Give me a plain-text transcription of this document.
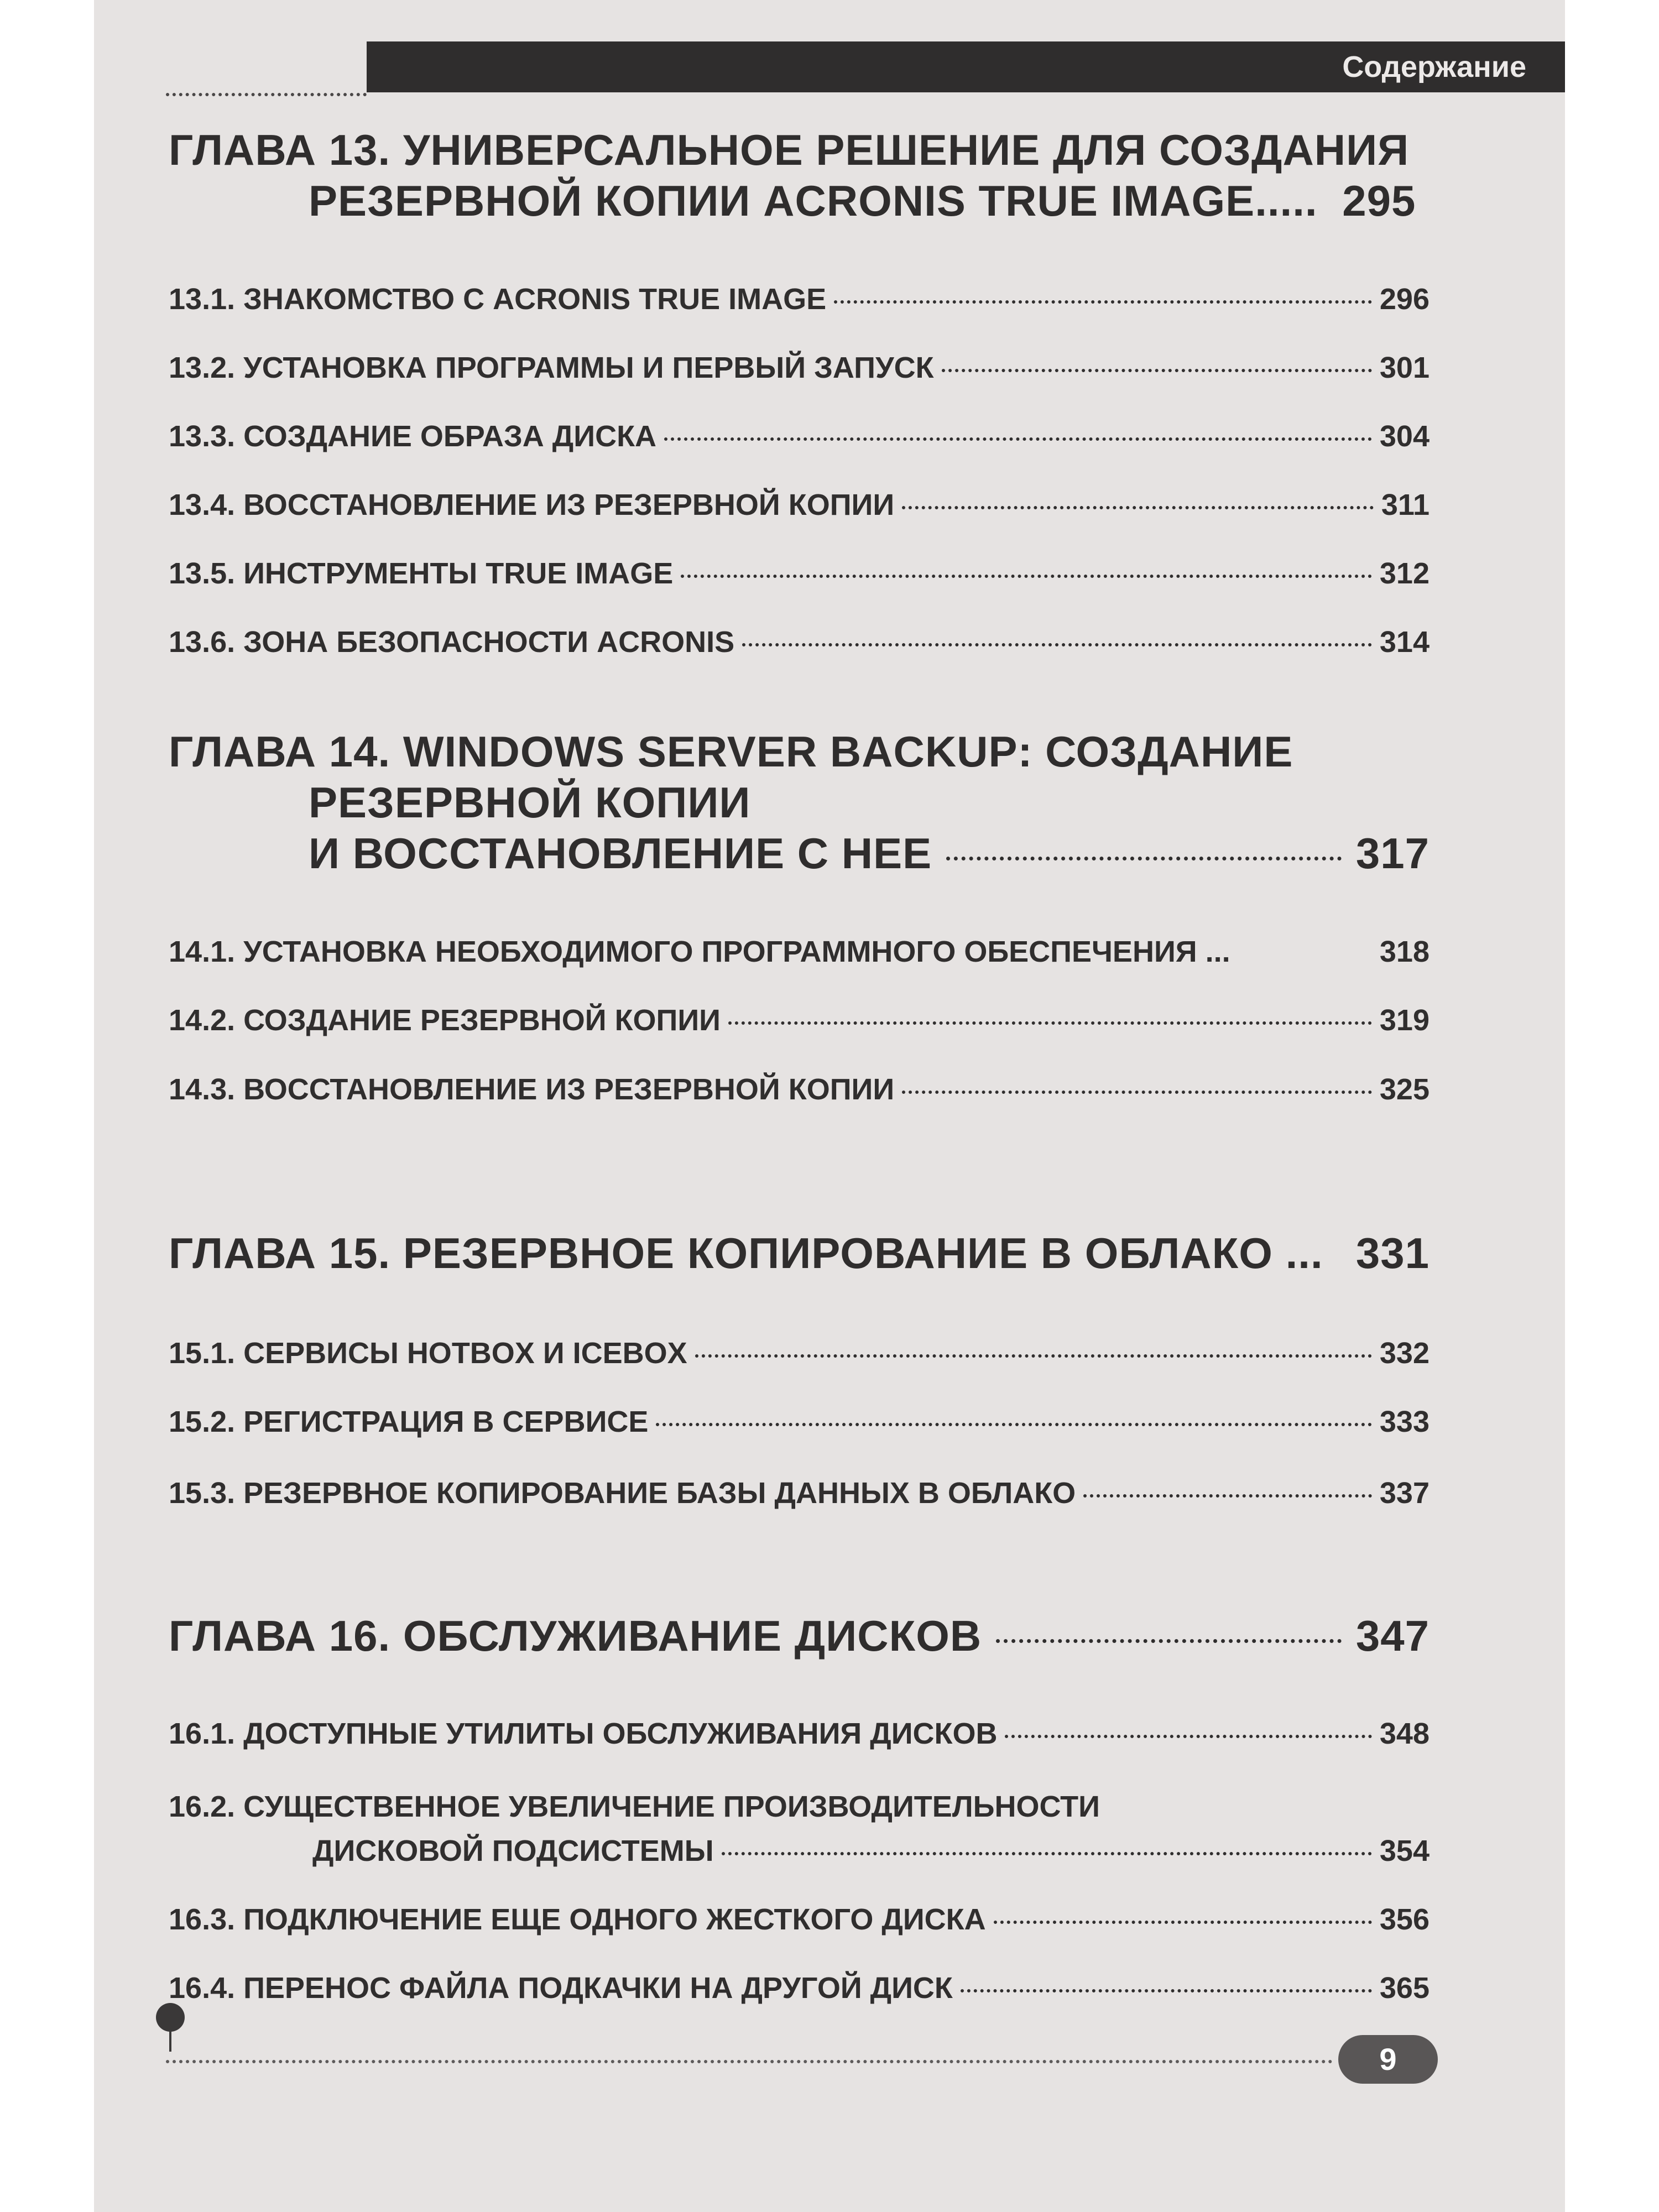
Содержание
ГЛАВА 13. УНИВЕРСАЛЬНОЕ РЕШЕНИЕ ДЛЯ СОЗДАНИЯ
РЕЗЕРВНОЙ КОПИИ ACRONIS TRUE IMAGE..... 295
13.1. ЗНАКОМСТВО С ACRONIS TRUE IMAGE	296
13.2. УСТАНОВКА ПРОГРАММЫ И ПЕРВЫЙ ЗАПУСК	301
13.3. СОЗДАНИЕ ОБРАЗА ДИСКА	304
13.4. ВОССТАНОВЛЕНИЕ ИЗ РЕЗЕРВНОЙ КОПИИ	311
13.5. ИНСТРУМЕНТЫ TRUE IMAGE	312
13.6. ЗОНА БЕЗОПАСНОСТИ ACRONIS	314
ГЛАВА 14. WINDOWS SERVER BACKUP: СОЗДАНИЕ
РЕЗЕРВНОЙ КОПИИ
И ВОССТАНОВЛЕНИЕ С НЕЕ	317
14.1. УСТАНОВКА НЕОБХОДИМОГО ПРОГРАММНОГО ОБЕСПЕЧЕНИЯ ...	318
14.2. СОЗДАНИЕ РЕЗЕРВНОЙ КОПИИ	319
14.3. ВОССТАНОВЛЕНИЕ ИЗ РЕЗЕРВНОЙ КОПИИ	325
ГЛАВА 15. РЕЗЕРВНОЕ КОПИРОВАНИЕ В ОБЛАКО ... 331
15.1. СЕРВИСЫ HOTBOX И ICEBOX	332
15.2. РЕГИСТРАЦИЯ В СЕРВИСЕ	333
15.3. РЕЗЕРВНОЕ КОПИРОВАНИЕ БАЗЫ ДАННЫХ В ОБЛАКО	337
ГЛАВА 16. ОБСЛУЖИВАНИЕ ДИСКОВ	347
16.1. ДОСТУПНЫЕ УТИЛИТЫ ОБСЛУЖИВАНИЯ ДИСКОВ	348
16.2. СУЩЕСТВЕННОЕ УВЕЛИЧЕНИЕ ПРОИЗВОДИТЕЛЬНОСТИ
ДИСКОВОЙ ПОДСИСТЕМЫ	354
16.3. ПОДКЛЮЧЕНИЕ ЕЩЕ ОДНОГО ЖЕСТКОГО ДИСКА	356
16.4. ПЕРЕНОС ФАЙЛА ПОДКАЧКИ НА ДРУГОЙ ДИСК	365
9
